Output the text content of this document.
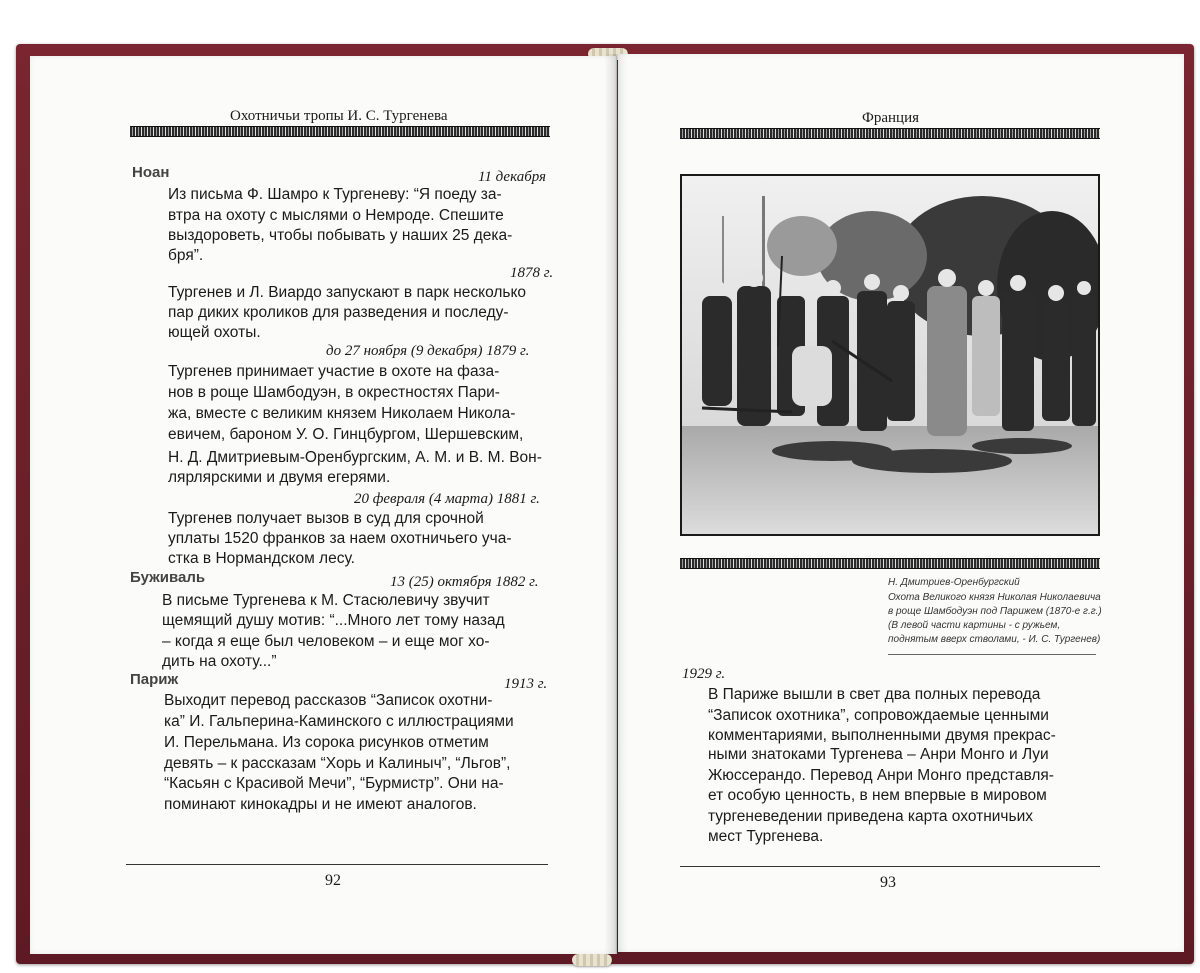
Охотничьи тропы И. С. Тургенева
Ноан	11 декабря
Из письма Ф. Шамро к Тургеневу: “Я поеду за-
втра на охоту с мыслями о Немроде. Спешите
выздороветь, чтобы побывать у наших 25 дека-
бря”.
1878 г.
Тургенев и Л. Виардо запускают в парк несколько
пар диких кроликов для разведения и последу-
ющей охоты.
до 27 ноября (9 декабря) 1879 г.
Тургенев принимает участие в охоте на фаза-
нов в роще Шамбодуэн, в окрестностях Пари-
жа, вместе с великим князем Николаем Никола-
евичем, бароном У. О. Гинцбургом, Шершевским,
Н. Д. Дмитриевым-Оренбургским, А. М. и В. М. Вон-
лярлярскими и двумя егерями.
20 февраля (4 марта) 1881 г.
Тургенев получает вызов в суд для срочной
уплаты 1520 франков за наем охотничьего уча-
стка в Нормандском лесу.
Буживаль	13 (25) октября 1882 г.
В письме Тургенева к М. Стасюлевичу звучит
щемящий душу мотив: “...Много лет тому назад
– когда я еще был человеком – и еще мог хо-
дить на охоту...”
Париж	1913 г.
Выходит перевод рассказов “Записок охотни-
ка” И. Гальперина-Каминского с иллюстрациями
И. Перельмана. Из сорока рисунков отметим
девять – к рассказам “Хорь и Калиныч”, “Льгов”,
“Касьян с Красивой Мечи”, “Бурмистр”. Они на-
поминают кинокадры и не имеют аналогов.
92
Франция
Н. Дмитриев-Оренбургский
Охота Великого князя Николая Николаевича
в роще Шамбодуэн под Парижем (1870-е г.г.)
(В левой части картины - с ружьем,
поднятым вверх стволами, - И. С. Тургенев)
1929 г.
В Париже вышли в свет два полных перевода
“Записок охотника”, сопровождаемые ценными
комментариями, выполненными двумя прекрас-
ными знатоками Тургенева – Анри Монго и Луи
Жюссерандо. Перевод Анри Монго представля-
ет особую ценность, в нем впервые в мировом
тургеневедении приведена карта охотничьих
мест Тургенева.
93
